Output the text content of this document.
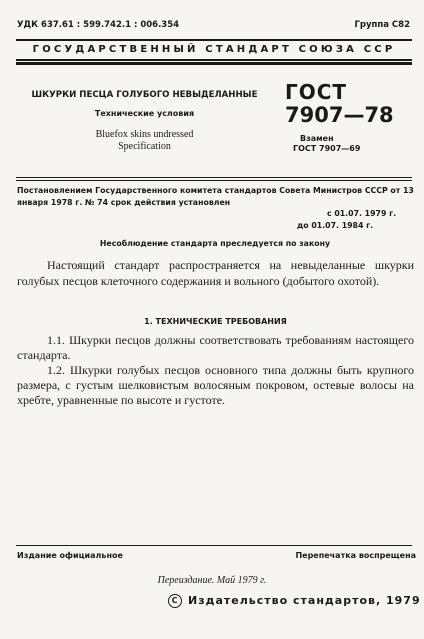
УДК 637.61 : 599.742.1 : 006.354	Группа С82
ГОСУДАРСТВЕННЫЙ СТАНДАРТ СОЮЗА ССР
ШКУРКИ ПЕСЦА ГОЛУБОГО НЕВЫДЕЛАННЫЕ
Технические условия
Bluefox skins undressed
Specification
ГОСТ
7907—78
Взамен
ГОСТ 7907—69
Постановлением Государственного комитета стандартов Совета Министров СССР от 13 января 1978 г. № 74 срок действия установлен
с 01.07. 1979 г.
до 01.07. 1984 г.
Несоблюдение стандарта преследуется по закону
Настоящий стандарт распространяется на невыделанные шкурки голубых песцов клеточного содержания и вольного (добытого охотой).
1. ТЕХНИЧЕСКИЕ ТРЕБОВАНИЯ
1.1. Шкурки песцов должны соответствовать требованиям настоящего стандарта.
1.2. Шкурки голубых песцов основного типа должны быть крупного размера, с густым шелковистым волосяным покровом, остевые волосы на хребте, уравненные по высоте и густоте.
Издание официальное	Перепечатка воспрещена
Переиздание. Май 1979 г.
C Издательство стандартов, 1979
